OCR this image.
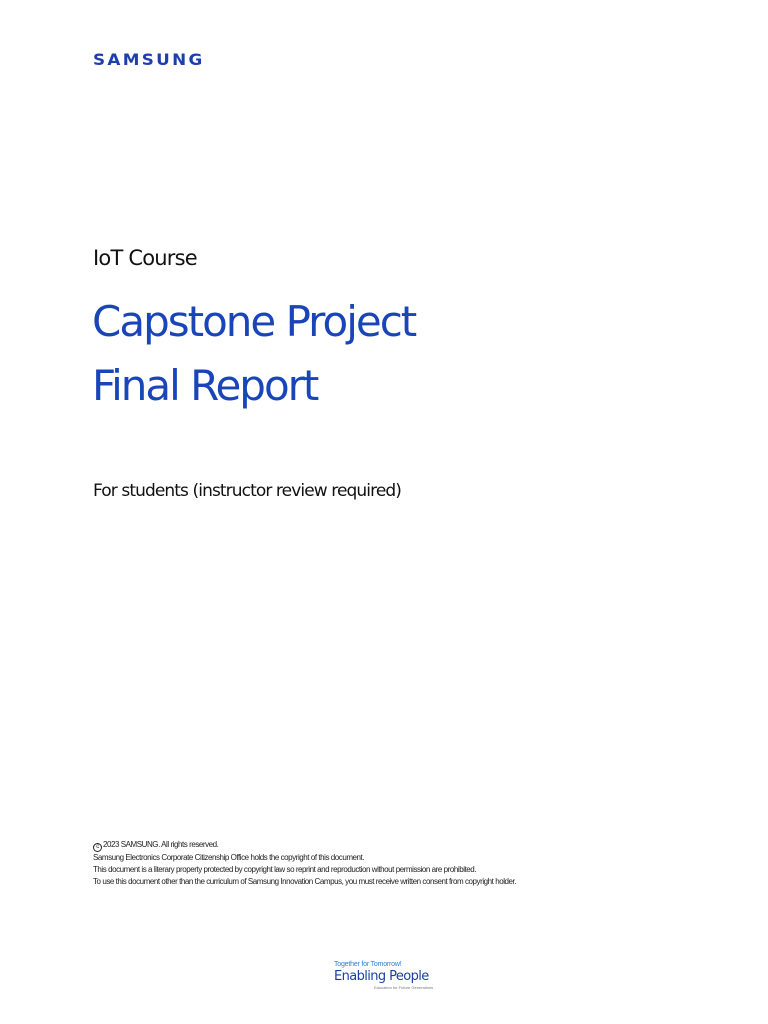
SAMSUNG
IoT Course
Capstone Project
Final Report
For students (instructor review required)
c 2023 SAMSUNG. All rights reserved.
Samsung Electronics Corporate Citizenship Office holds the copyright of this document.
This document is a literary property protected by copyright law so reprint and reproduction without permission are prohibited.
To use this document other than the curriculum of Samsung Innovation Campus, you must receive written consent from copyright holder.
Together for Tomorrow!
Enabling People
Education for Future Generations
